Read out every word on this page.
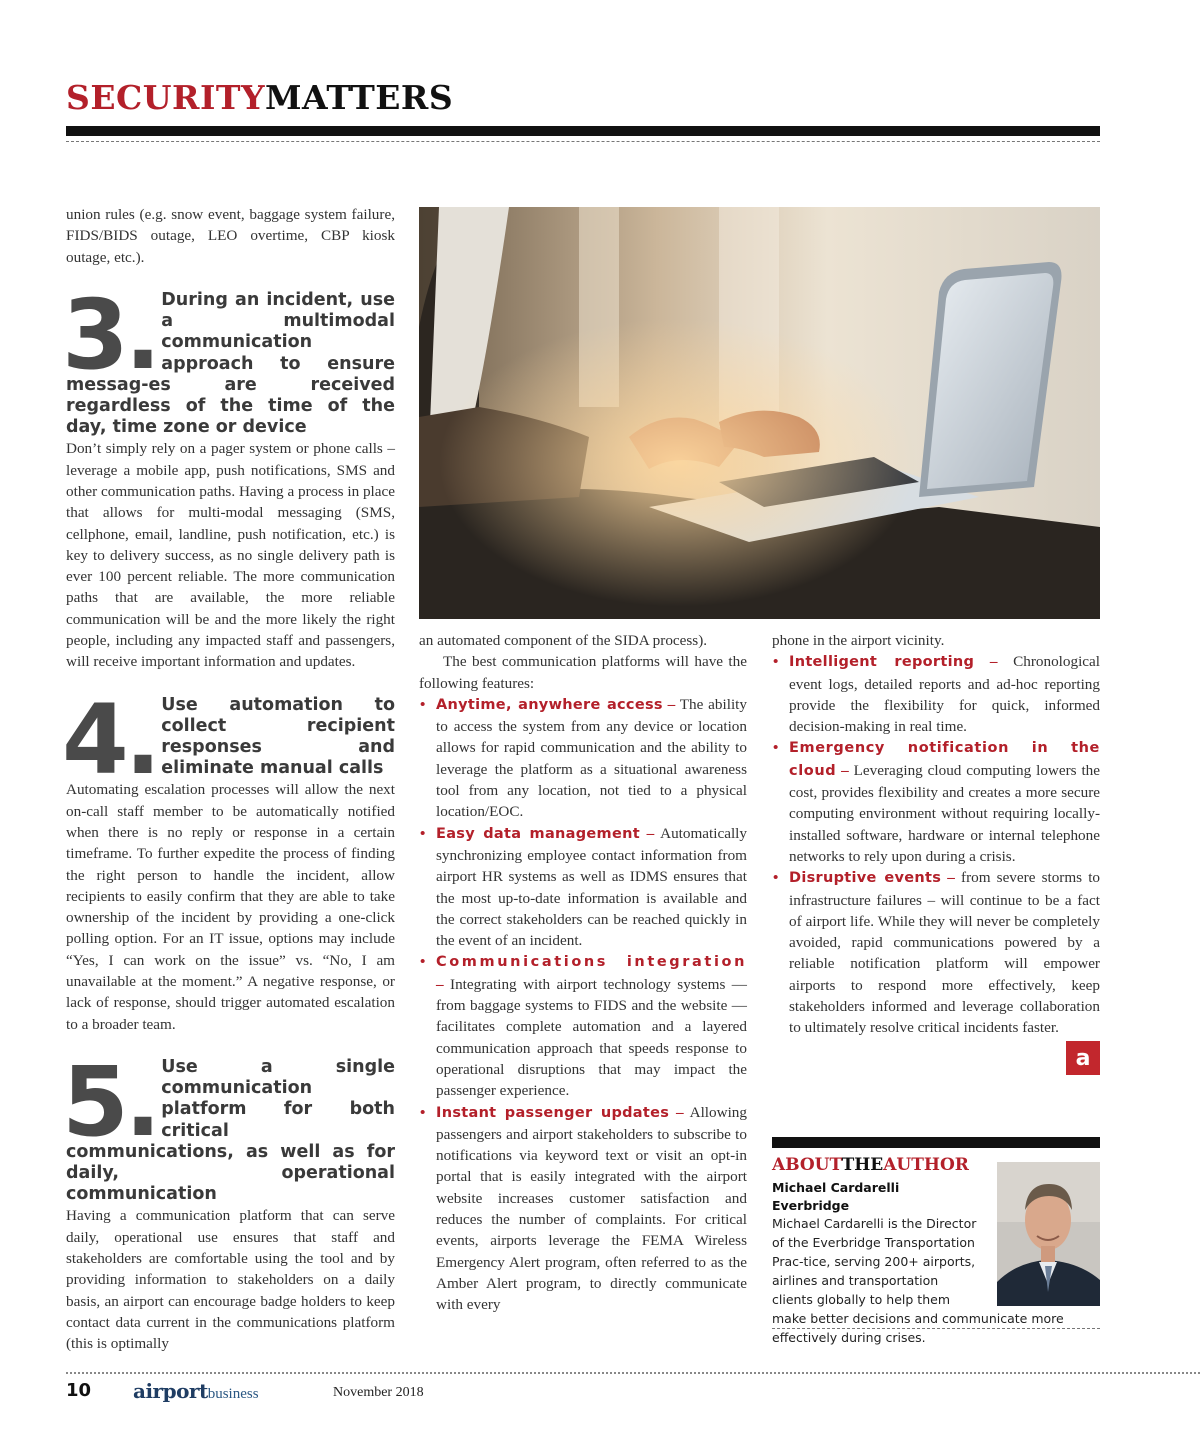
SECURITYMATTERS

union rules (e.g. snow event, baggage system failure, FIDS/BIDS outage, LEO overtime, CBP kiosk outage, etc.).

3. During an incident, use a multimodal communication approach to ensure messag-es are received regardless of the time of the day, time zone or device

Don’t simply rely on a pager system or phone calls – leverage a mobile app, push notifications, SMS and other communication paths. Having a process in place that allows for multi-modal messaging (SMS, cellphone, email, landline, push notification, etc.) is key to delivery success, as no single delivery path is ever 100 percent reliable. The more communication paths that are available, the more reliable communication will be and the more likely the right people, including any impacted staff and passengers, will receive important information and updates.

4. Use automation to collect recipient responses and eliminate manual calls

Automating escalation processes will allow the next on-call staff member to be automatically notified when there is no reply or response in a certain timeframe. To further expedite the process of finding the right person to handle the incident, allow recipients to easily confirm that they are able to take ownership of the incident by providing a one-click polling option. For an IT issue, options may include “Yes, I can work on the issue” vs. “No, I am unavailable at the moment.” A negative response, or lack of response, should trigger automated escalation to a broader team.

5. Use a single communication platform for both critical communications, as well as for daily, operational communication

Having a communication platform that can serve daily, operational use ensures that staff and stakeholders are comfortable using the tool and by providing information to stakeholders on a daily basis, an airport can encourage badge holders to keep contact data current in the communications platform (this is optimally

an automated component of the SIDA process).

The best communication platforms will have the following features:

• Anytime, anywhere access – The ability to access the system from any device or location allows for rapid communication and the ability to leverage the platform as a situational awareness tool from any location, not tied to a physical location/EOC.
• Easy data management – Automatically synchronizing employee contact information from airport HR systems as well as IDMS ensures that the most up-to-date information is available and the correct stakeholders can be reached quickly in the event of an incident.
• Communications integration – Integrating with airport technology systems — from baggage systems to FIDS and the website — facilitates complete automation and a layered communication approach that speeds response to operational disruptions that may impact the passenger experience.
• Instant passenger updates – Allowing passengers and airport stakeholders to subscribe to notifications via keyword text or visit an opt-in portal that is easily integrated with the airport website increases customer satisfaction and reduces the number of complaints. For critical events, airports leverage the FEMA Wireless Emergency Alert program, often referred to as the Amber Alert program, to directly communicate with every

phone in the airport vicinity.

• Intelligent reporting – Chronological event logs, detailed reports and ad-hoc reporting provide the flexibility for quick, informed decision-making in real time.
• Emergency notification in the cloud – Leveraging cloud computing lowers the cost, provides flexibility and creates a more secure computing environment without requiring locally-installed software, hardware or internal telephone networks to rely upon during a crisis.
• Disruptive events – from severe storms to infrastructure failures – will continue to be a fact of airport life. While they will never be completely avoided, rapid communications powered by a reliable notification platform will empower airports to respond more effectively, keep stakeholders informed and leverage collaboration to ultimately resolve critical incidents faster.
a
ABOUTTHEAUTHOR
Michael Cardarelli
Everbridge
Michael Cardarelli is the Director of the Everbridge Transportation Prac-tice, serving 200+ airports, airlines and transportation clients globally to help them make better decisions and communicate more effectively during crises.
10 airportbusiness	November 2018
